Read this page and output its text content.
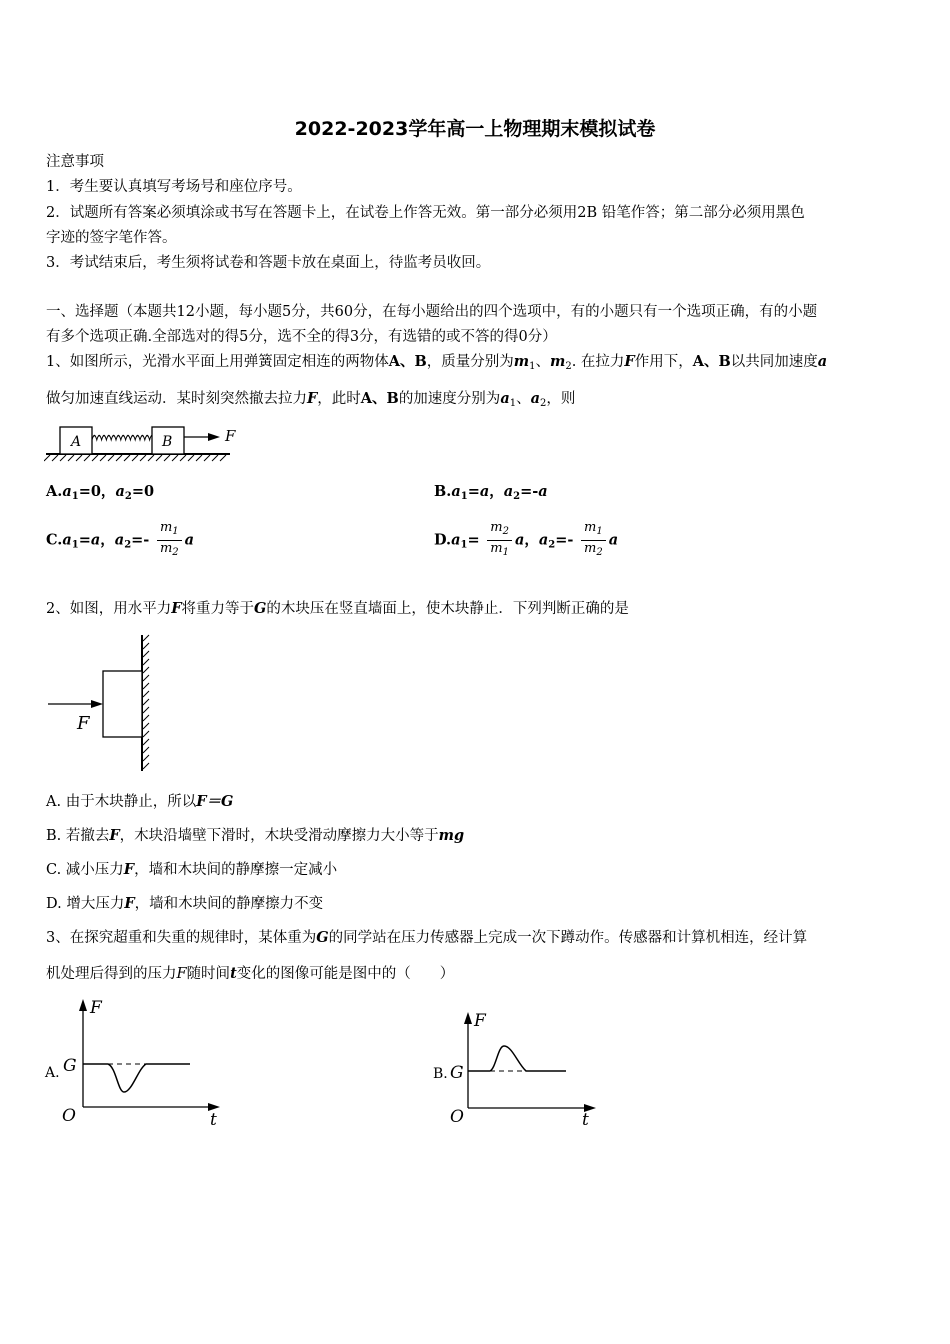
2022-2023学年高一上物理期末模拟试卷
注意事项
1．考生要认真填写考场号和座位序号。
2．试题所有答案必须填涂或书写在答题卡上，在试卷上作答无效。第一部分必须用2B 铅笔作答；第二部分必须用黑色
字迹的签字笔作答。
3．考试结束后，考生须将试卷和答题卡放在桌面上，待监考员收回。
一、选择题（本题共12小题，每小题5分，共60分，在每小题给出的四个选项中，有的小题只有一个选项正确，有的小题
有多个选项正确.全部选对的得5分，选不全的得3分，有选错的或不答的得0分）
1、如图所示，光滑水平面上用弹簧固定相连的两物体A、B，质量分别为$m_1$、$m_2$. 在拉力F作用下，A、B以共同加速度a
做匀加速直线运动．某时刻突然撤去拉力F，此时A、B的加速度分别为$a_1$、$a_2$，则
A	B	F
$A.a_1=0$，$a_2=0$	$B.a_1=a$，$a_2=-a$
$C.a_1=a$，$a_2=- \frac{m_1}{m_2}$ a	$D.a_1= \frac{m_2}{m_1}$ a，$a_2=- \frac{m_1}{m_2}$ a
2、如图，用水平力F将重力等于G的木块压在竖直墙面上，使木块静止．下列判断正确的是
F
A. 由于木块静止，所以F＝G
B. 若撤去F，木块沿墙壁下滑时，木块受滑动摩擦力大小等于mg
C. 减小压力F，墙和木块间的静摩擦一定减小
D. 增大压力F，墙和木块间的静摩擦力不变
3、在探究超重和失重的规律时，某体重为G的同学站在压力传感器上完成一次下蹲动作。传感器和计算机相连，经计算
机处理后得到的压力F随时间t变化的图像可能是图中的（　　）
A.
F
G
O	t
B.
F
G
O	t
